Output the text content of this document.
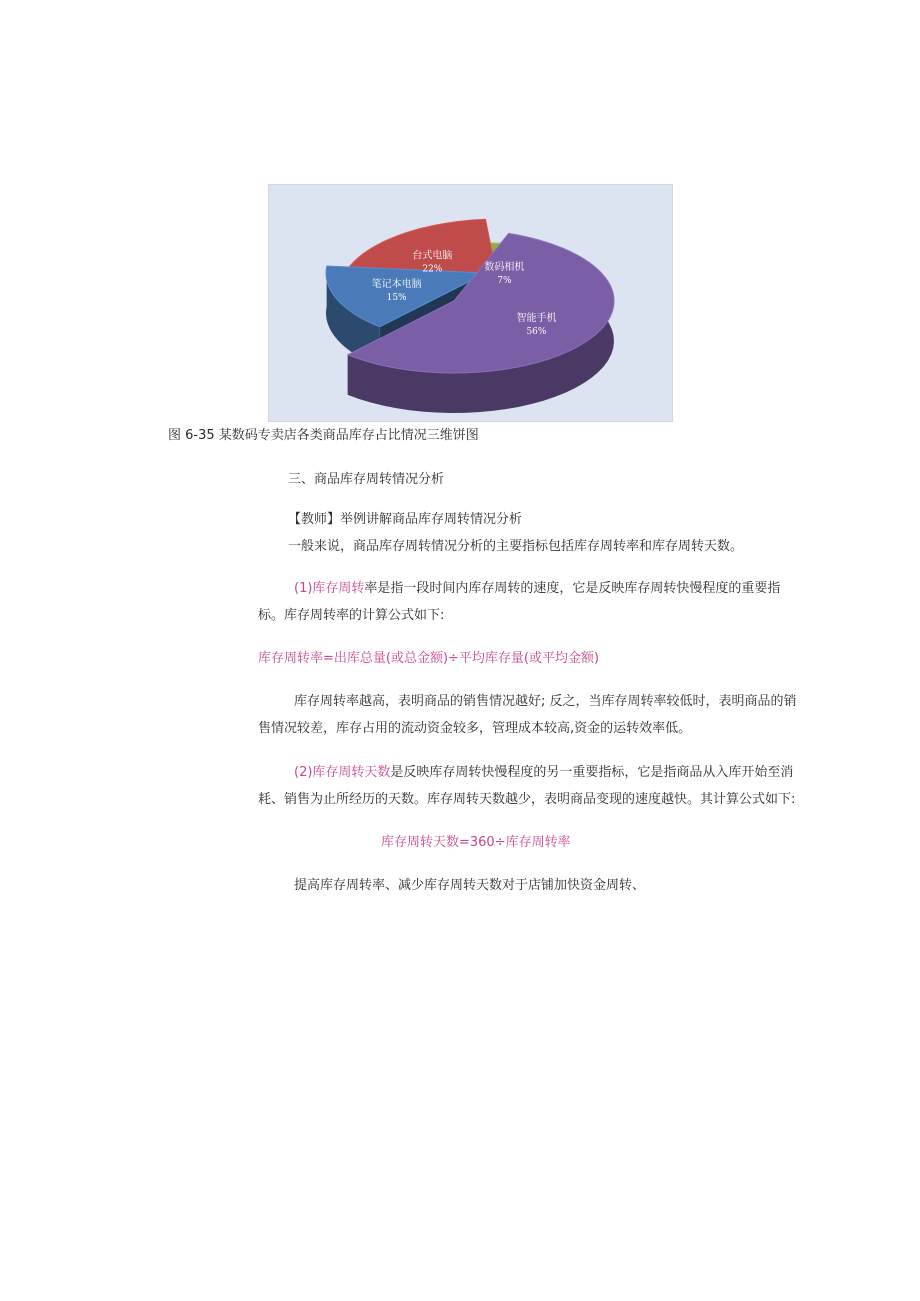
智能手机
56%
笔记本电脑
15%
台式电脑
22%	数码相机
7%
图 6-35 某数码专卖店各类商品库存占比情况三维饼图
三、商品库存周转情况分析
【教师】举例讲解商品库存周转情况分析
一般来说，商品库存周转情况分析的主要指标包括库存周转率和库存周转天数。
(1)库存周转率是指一段时间内库存周转的速度，它是反映库存周转快慢程度的重要指
标。库存周转率的计算公式如下:
库存周转率=出库总量(或总金额)÷平均库存量(或平均金额)
库存周转率越高，表明商品的销售情况越好; 反之，当库存周转率较低时，表明商品的销
售情况较差，库存占用的流动资金较多，管理成本较高,资金的运转效率低。
(2)库存周转天数是反映库存周转快慢程度的另一重要指标，它是指商品从入库开始至消
耗、销售为止所经历的天数。库存周转天数越少，表明商品变现的速度越快。其计算公式如下:
库存周转天数=360÷库存周转率
提高库存周转率、减少库存周转天数对于店铺加快资金周转、
